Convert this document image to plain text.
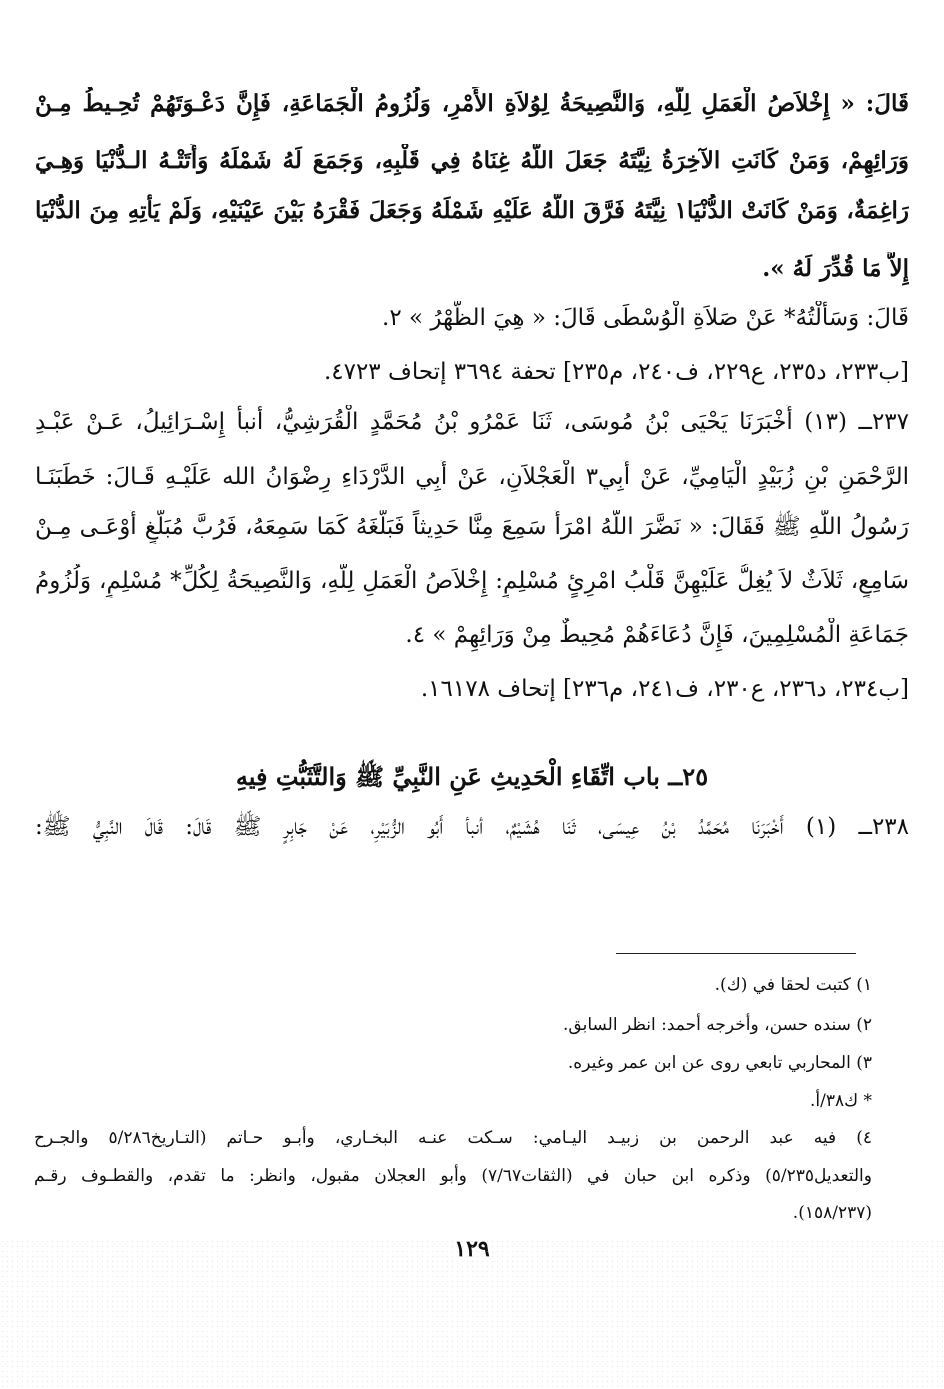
قَالَ: « إِخْلاَصُ الْعَمَلِ لِلَّهِ، وَالنَّصِيحَةُ لِوُلاَةِ الأَمْرِ، وَلُزُومُ الْجَمَاعَةِ، فَإِنَّ دَعْـوَتَهُمْ تُحِـيطُ مِـنْ
وَرَائِهِمْ، وَمَنْ كَانَتِ الآخِرَةُ نِيَّتَهُ جَعَلَ اللَّهُ غِنَاهُ فِي قَلْبِهِ، وَجَمَعَ لَهُ شَمْلَهُ وَأَتَتْـهُ الـدُّنْيَا وَهِـيَ
رَاغِمَةٌ، وَمَنْ كَانَتْ الدُّنْيَا١ نِيَّتَهُ فَرَّقَ اللَّهُ عَلَيْهِ شَمْلَهُ وَجَعَلَ فَقْرَهُ بَيْنَ عَيْنَيْهِ، وَلَمْ يَأْتِهِ مِنَ الدُّنْيَا
إِلاَّ مَا قُدِّرَ لَهُ ».
قَالَ: وَسَأَلْتُهُ* عَنْ صَلاَةِ الْوُسْطَى قَالَ: « هِيَ الظُّهْرُ » ٢.
[ب٢٣٣، د٢٣٥، ع٢٢٩، ف٢٤٠، م٢٣٥] تحفة ٣٦٩٤ إتحاف ٤٧٢٣.
٢٣٧ــ (١٣) أَخْبَرَنَا يَحْيَى بْنُ مُوسَى، ثَنَا عَمْرُو بْنُ مُحَمَّدٍ الْقُرَشِيُّ، أنبأ إِسْـرَائِيلُ، عَـنْ عَبْـدِ
الرَّحْمَنِ بْنِ زُبَيْدٍ الْيَامِيِّ، عَنْ أَبِي٣ الْعَجْلاَنِ، عَنْ أَبِي الدَّرْدَاءِ رِضْوَانُ الله عَلَيْـهِ قَـالَ: خَطَبَنَـا
رَسُولُ اللَّهِ ﷺ فَقَالَ: « نَضَّرَ اللَّهُ امْرَأً سَمِعَ مِنَّا حَدِيثاً فَبَلَّغَهُ كَمَا سَمِعَهُ، فَرُبَّ مُبَلَّغٍ أَوْعَـى مِـنْ
سَامِعٍ، ثَلاَثٌ لاَ يُغِلُّ عَلَيْهِنَّ قَلْبُ امْرِئٍ مُسْلِمٍ: إِخْلاَصُ الْعَمَلِ لِلَّهِ، وَالنَّصِيحَةُ لِكُلِّ* مُسْلِمٍ، وَلُزُومُ
جَمَاعَةِ الْمُسْلِمِينَ، فَإِنَّ دُعَاءَهُمْ مُحِيطٌ مِنْ وَرَائِهِمْ » ٤.
[ب٢٣٤، د٢٣٦، ع٢٣٠، ف٢٤١، م٢٣٦] إتحاف ١٦١٧٨.
٢٥ــ باب اتِّقَاءِ الْحَدِيثِ عَنِ النَّبِيِّ ﷺ وَالتَّثَبُّتِ فِيهِ
٢٣٨ــ (١) أَخْبَرَنَا مُحَمَّدُ بْنُ عِيسَى، ثَنَا هُشَيْمٌ، أنبأ أَبُو الزُّبَيْرِ، عَنْ جَابِرٍ ﷺ قَالَ: قَالَ النَّبِيُّ ﷺ:
١) كتبت لحقا في (ك).
٢) سنده حسن، وأخرجه أحمد: انظر السابق.
٣) المحاربي تابعي روى عن ابن عمر وغيره.
* ك٣٨/أ.
٤) فيه عبد الرحمن بن زبيـد اليـامي: سـكت عنـه البخـاري، وأبـو حـاتم (التـاريخ٥/٢٨٦ والجـرح
والتعديل٥/٢٣٥) وذكره ابن حبان في (الثقات٧/٦٧) وأبو العجلان مقبول، وانظر: ما تقدم، والقطـوف رقـم
(١٥٨/٢٣٧).
١٢٩
